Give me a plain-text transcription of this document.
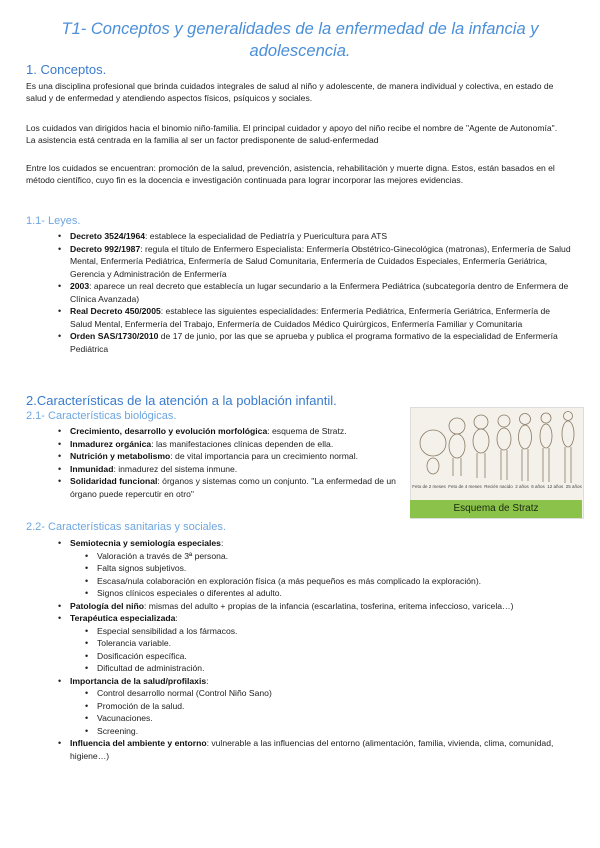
T1- Conceptos y generalidades de la enfermedad de la infancia y adolescencia.
1. Conceptos.
Es una disciplina profesional que brinda cuidados integrales de salud al niño y adolescente, de manera individual y colectiva, en estado de salud y de enfermedad y atendiendo aspectos físicos, psíquicos y sociales.
Los cuidados van dirigidos hacia el binomio niño-familia. El principal cuidador y apoyo del niño recibe el nombre de "Agente de Autonomía". La asistencia está centrada en la familia al ser un factor predisponente de salud-enfermedad
Entre los cuidados se encuentran: promoción de la salud, prevención, asistencia, rehabilitación y muerte digna. Estos, están basados en el método científico, cuyo fin es la docencia e investigación continuada para lograr incorporar las mejores evidencias.
1.1- Leyes.
• Decreto 3524/1964: establece la especialidad de Pediatría y Puericultura para ATS
• Decreto 992/1987: regula el título de Enfermero Especialista: Enfermería Obstétrico-Ginecológica (matronas), Enfermería de Salud Mental, Enfermería Pediátrica, Enfermería de Salud Comunitaria, Enfermería de Cuidados Especiales, Enfermería Geriátrica, Gerencia y Administración de Enfermería
• 2003: aparece un real decreto que establecía un lugar secundario a la Enfermera Pediátrica (subcategoría dentro de Enfermera de Clínica Avanzada)
• Real Decreto 450/2005: establece las siguientes especialidades: Enfermería Pediátrica, Enfermería Geriátrica, Enfermería de Salud Mental, Enfermería del Trabajo, Enfermería de Cuidados Médico Quirúrgicos, Enfermería Familiar y Comunitaria
• Orden SAS/1730/2010 de 17 de junio, por las que se aprueba y publica el programa formativo de la especialidad de Enfermería Pediátrica
2.Características de la atención a la población infantil.
2.1- Características biológicas.
• Crecimiento, desarrollo y evolución morfológica: esquema de Stratz.
• Inmadurez orgánica: las manifestaciones clínicas dependen de ella.
• Nutrición y metabolismo: de vital importancia para un crecimiento normal.
• Inmunidad: inmadurez del sistema inmune.
• Solidaridad funcional: órganos y sistemas como un conjunto. "La enfermedad de un órgano puede repercutir en otro"
Feto de 2 meses Feto de 4 meses Recién nacido 2 años 6 años 12 años 25 años
Esquema de Stratz
2.2- Características sanitarias y sociales.
• Semiotecnia y semiología especiales:
• Valoración a través de 3ª persona.
• Falta signos subjetivos.
• Escasa/nula colaboración en exploración física (a más pequeños es más complicado la exploración).
• Signos clínicos especiales o diferentes al adulto.
• Patología del niño: mismas del adulto + propias de la infancia (escarlatina, tosferina, eritema infeccioso, varicela…)
• Terapéutica especializada:
• Especial sensibilidad a los fármacos.
• Tolerancia variable.
• Dosificación específica.
• Dificultad de administración.
• Importancia de la salud/profilaxis:
• Control desarrollo normal (Control Niño Sano)
• Promoción de la salud.
• Vacunaciones.
• Screening.
• Influencia del ambiente y entorno: vulnerable a las influencias del entorno (alimentación, familia, vivienda, clima, comunidad, higiene…)
